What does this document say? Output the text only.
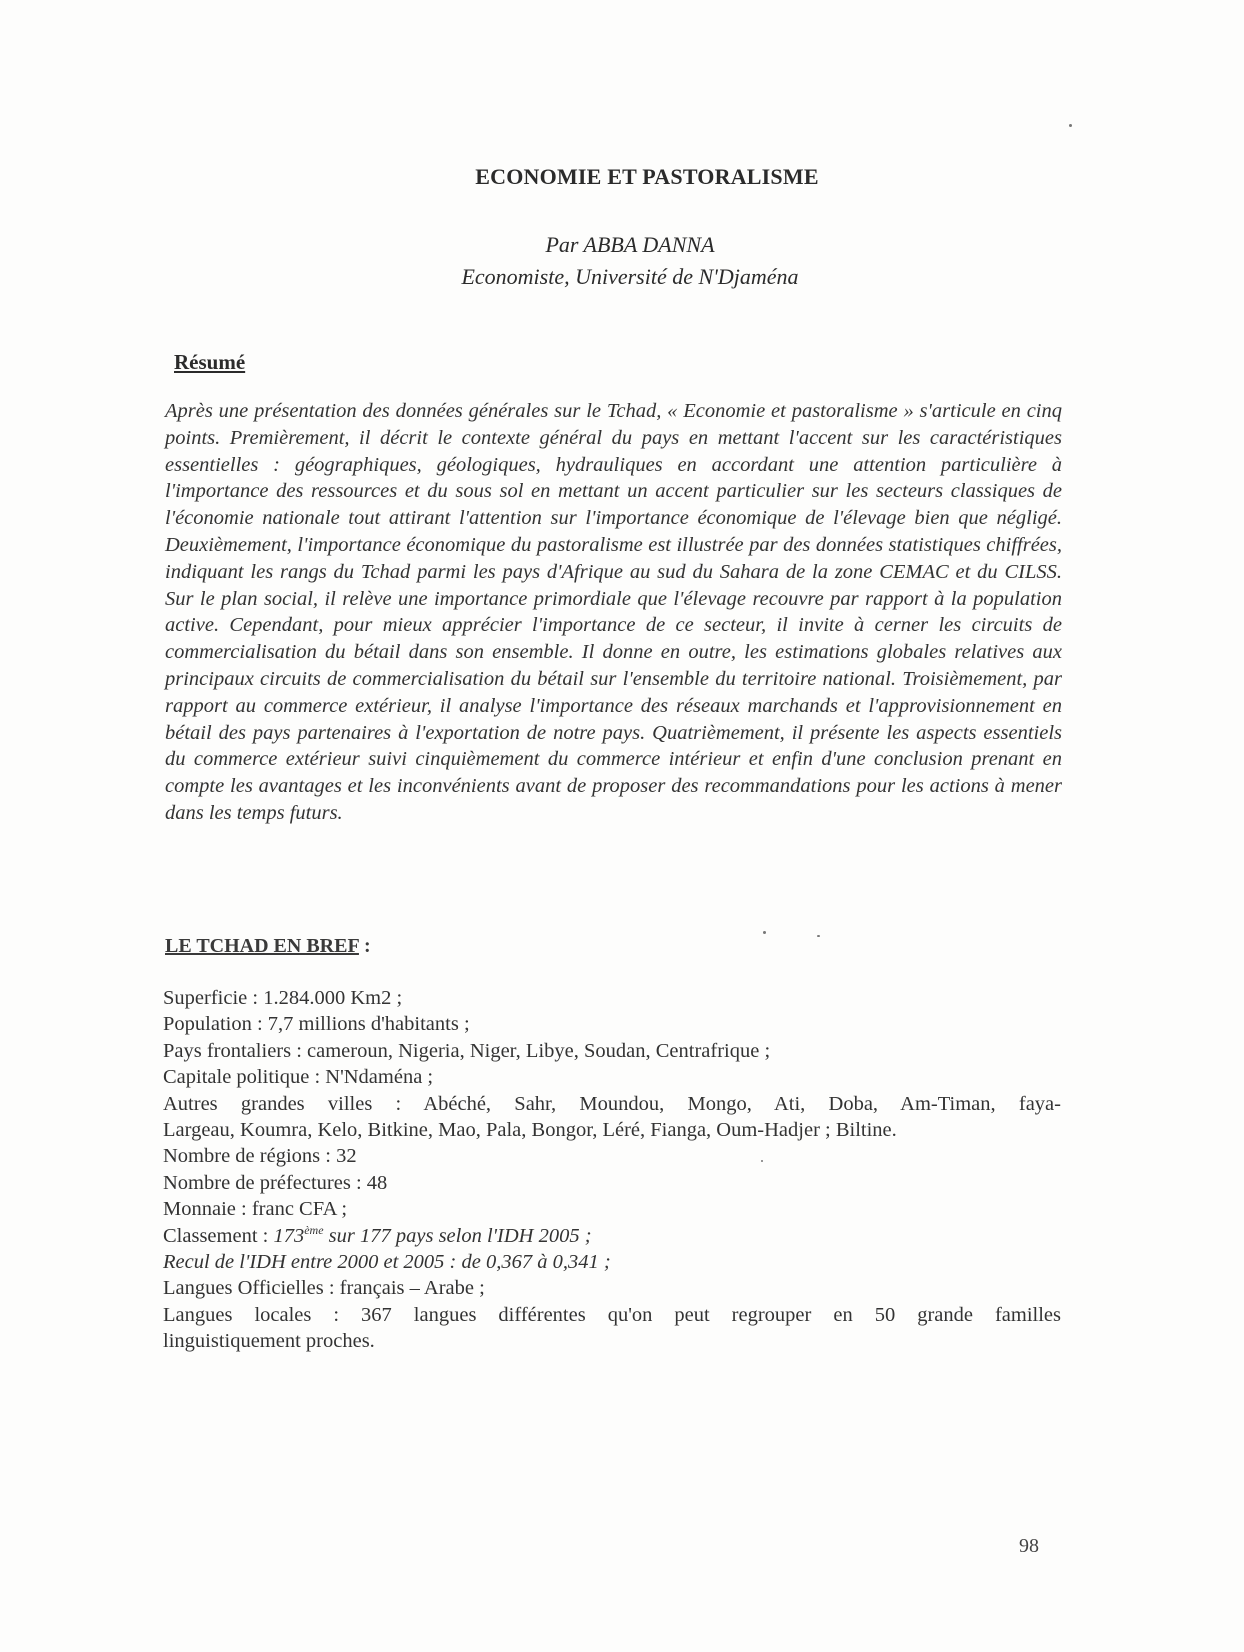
ECONOMIE ET PASTORALISME
Par ABBA DANNA
Economiste, Université de N'Djaména
Résumé
Après une présentation des données générales sur le Tchad, « Economie et pastoralisme » s'articule en cinq points. Premièrement, il décrit le contexte général du pays en mettant l'accent sur les caractéristiques essentielles : géographiques, géologiques, hydrauliques en accordant une attention particulière à l'importance des ressources et du sous sol en mettant un accent particulier sur les secteurs classiques de l'économie nationale tout attirant l'attention sur l'importance économique de l'élevage bien que négligé. Deuxièmement, l'importance économique du pastoralisme est illustrée par des données statistiques chiffrées, indiquant les rangs du Tchad parmi les pays d'Afrique au sud du Sahara de la zone CEMAC et du CILSS. Sur le plan social, il relève une importance primordiale que l'élevage recouvre par rapport à la population active. Cependant, pour mieux apprécier l'importance de ce secteur, il invite à cerner les circuits de commercialisation du bétail dans son ensemble. Il donne en outre, les estimations globales relatives aux principaux circuits de commercialisation du bétail sur l'ensemble du territoire national. Troisièmement, par rapport au commerce extérieur, il analyse l'importance des réseaux marchands et l'approvisionnement en bétail des pays partenaires à l'exportation de notre pays. Quatrièmement, il présente les aspects essentiels du commerce extérieur suivi cinquièmement du commerce intérieur et enfin d'une conclusion prenant en compte les avantages et les inconvénients avant de proposer des recommandations pour les actions à mener dans les temps futurs.
LE TCHAD EN BREF :
Superficie : 1.284.000 Km2 ;
Population : 7,7 millions d'habitants ;
Pays frontaliers : cameroun, Nigeria, Niger, Libye, Soudan, Centrafrique ;
Capitale politique : N'Ndaména ;
Autres grandes villes : Abéché, Sahr, Moundou, Mongo, Ati, Doba, Am-Timan, faya-
Largeau, Koumra, Kelo, Bitkine, Mao, Pala, Bongor, Léré, Fianga, Oum-Hadjer ; Biltine.
Nombre de régions : 32
Nombre de préfectures : 48
Monnaie : franc CFA ;
Classement : 173ème sur 177 pays selon l'IDH 2005 ;
Recul de l'IDH entre 2000 et 2005 : de 0,367 à 0,341 ;
Langues Officielles : français – Arabe ;
Langues locales : 367 langues différentes qu'on peut regrouper en 50 grande familles
linguistiquement proches.
98
